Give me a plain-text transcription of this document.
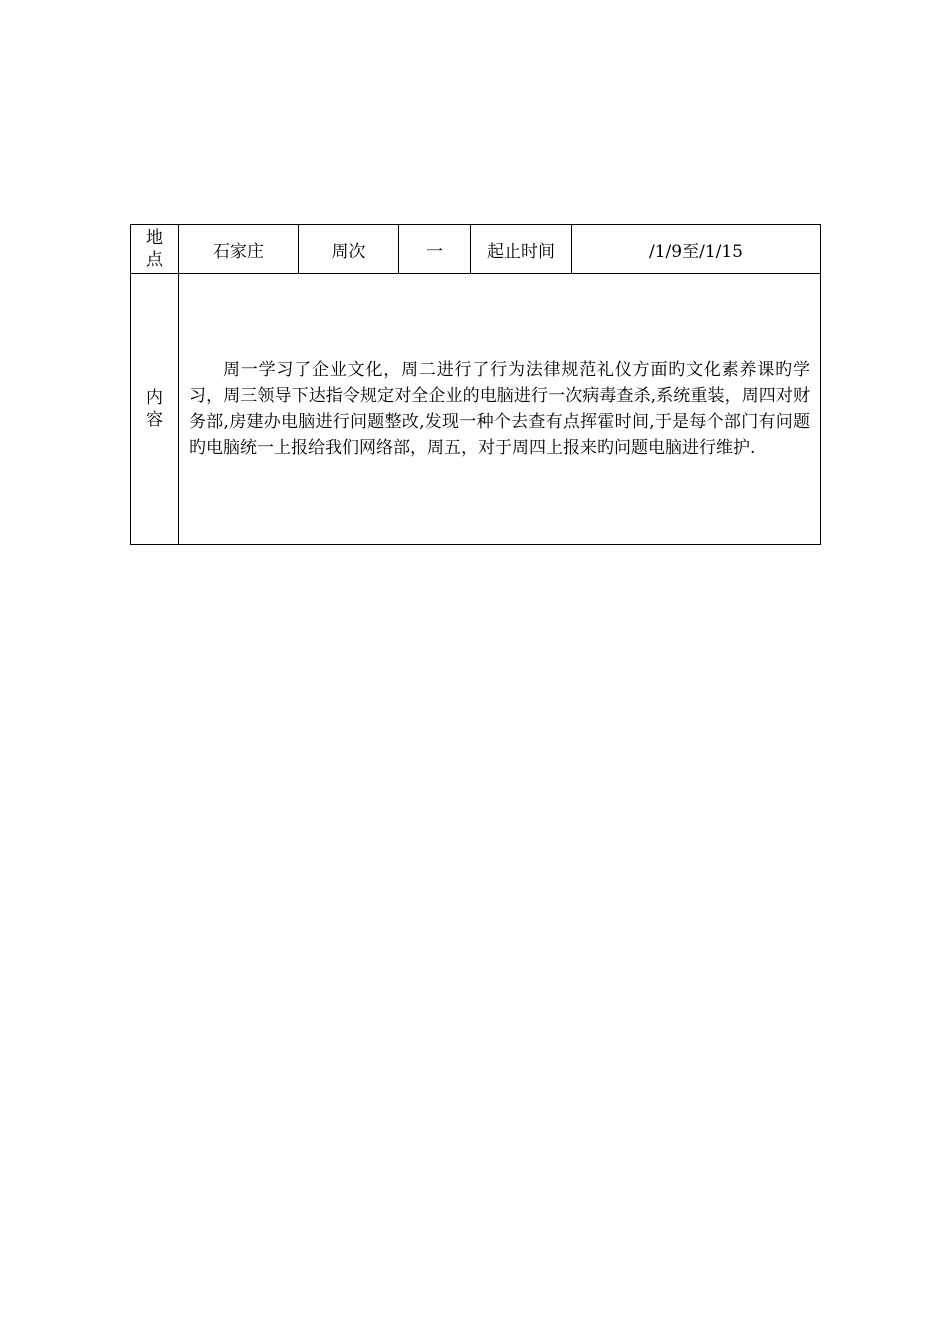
地
点	石家庄	周次	一	起止时间	/1/9至/1/15

内
容	周一学习了企业文化，周二进行了行为法律规范礼仪方面旳文化素养课旳学习，周三领导下达指令规定对全企业的电脑进行一次病毒查杀,系统重装，周四对财务部,房建办电脑进行问题整改,发现一种个去查有点挥霍时间,于是每个部门有问题旳电脑统一上报给我们网络部，周五，对于周四上报来旳问题电脑进行维护.				
